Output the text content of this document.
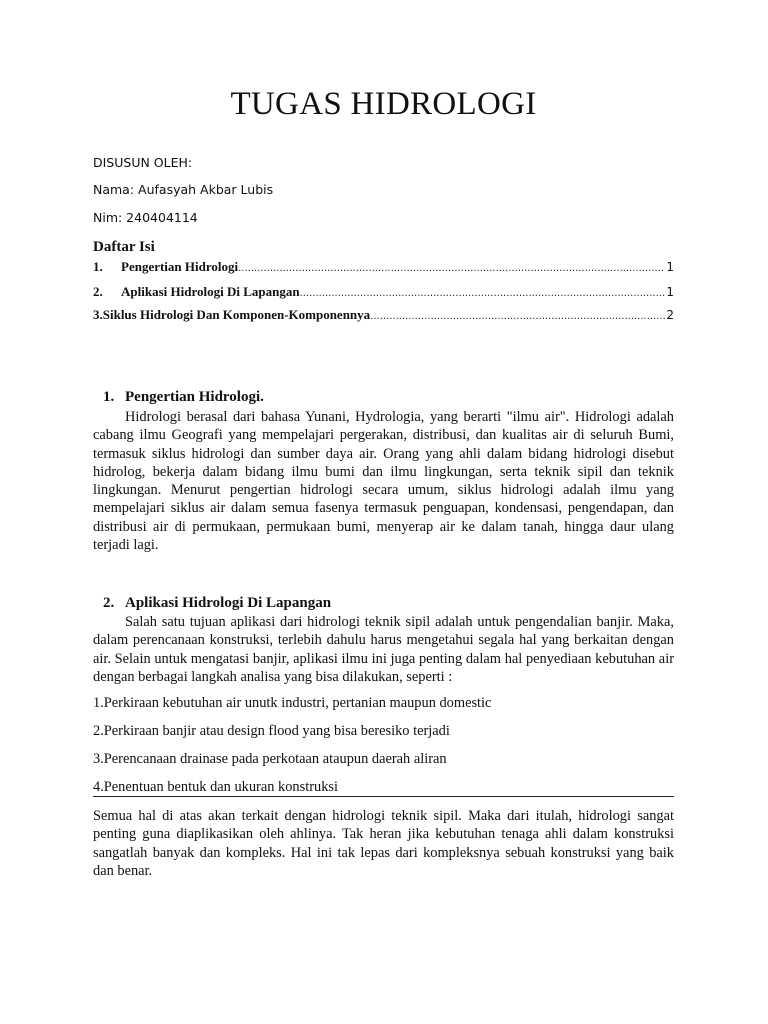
TUGAS HIDROLOGI
DISUSUN OLEH:
Nama: Aufasyah Akbar Lubis
Nim: 240404114
Daftar Isi
1.	Pengertian Hidrologi .....	1
2.	Aplikasi Hidrologi Di Lapangan .....	1
3.Siklus Hidrologi Dan Komponen-Komponennya .....	2
1. Pengertian Hidrologi.

Hidrologi berasal dari bahasa Yunani, Hydrologia, yang berarti "ilmu air". Hidrologi adalah cabang ilmu Geografi yang mempelajari pergerakan, distribusi, dan kualitas air di seluruh Bumi, termasuk siklus hidrologi dan sumber daya air. Orang yang ahli dalam bidang hidrologi disebut hidrolog, bekerja dalam bidang ilmu bumi dan ilmu lingkungan, serta teknik sipil dan teknik lingkungan. Menurut pengertian hidrologi secara umum, siklus hidrologi adalah ilmu yang mempelajari siklus air dalam semua fasenya termasuk penguapan, kondensasi, pengendapan, dan distribusi air di permukaan, permukaan bumi, menyerap air ke dalam tanah, hingga daur ulang terjadi lagi.

2. Aplikasi Hidrologi Di Lapangan

Salah satu tujuan aplikasi dari hidrologi teknik sipil adalah untuk pengendalian banjir. Maka, dalam perencanaan konstruksi, terlebih dahulu harus mengetahui segala hal yang berkaitan dengan air. Selain untuk mengatasi banjir, aplikasi ilmu ini juga penting dalam hal penyediaan kebutuhan air dengan berbagai langkah analisa yang bisa dilakukan, seperti :

1.Perkiraan kebutuhan air unutk industri, pertanian maupun domestic
2.Perkiraan banjir atau design flood yang bisa beresiko terjadi
3.Perencanaan drainase pada perkotaan ataupun daerah aliran
4.Penentuan bentuk dan ukuran konstruksi

Semua hal di atas akan terkait dengan hidrologi teknik sipil. Maka dari itulah, hidrologi sangat penting guna diaplikasikan oleh ahlinya. Tak heran jika kebutuhan tenaga ahli dalam konstruksi sangatlah banyak dan kompleks. Hal ini tak lepas dari kompleksnya sebuah konstruksi yang baik dan benar.
